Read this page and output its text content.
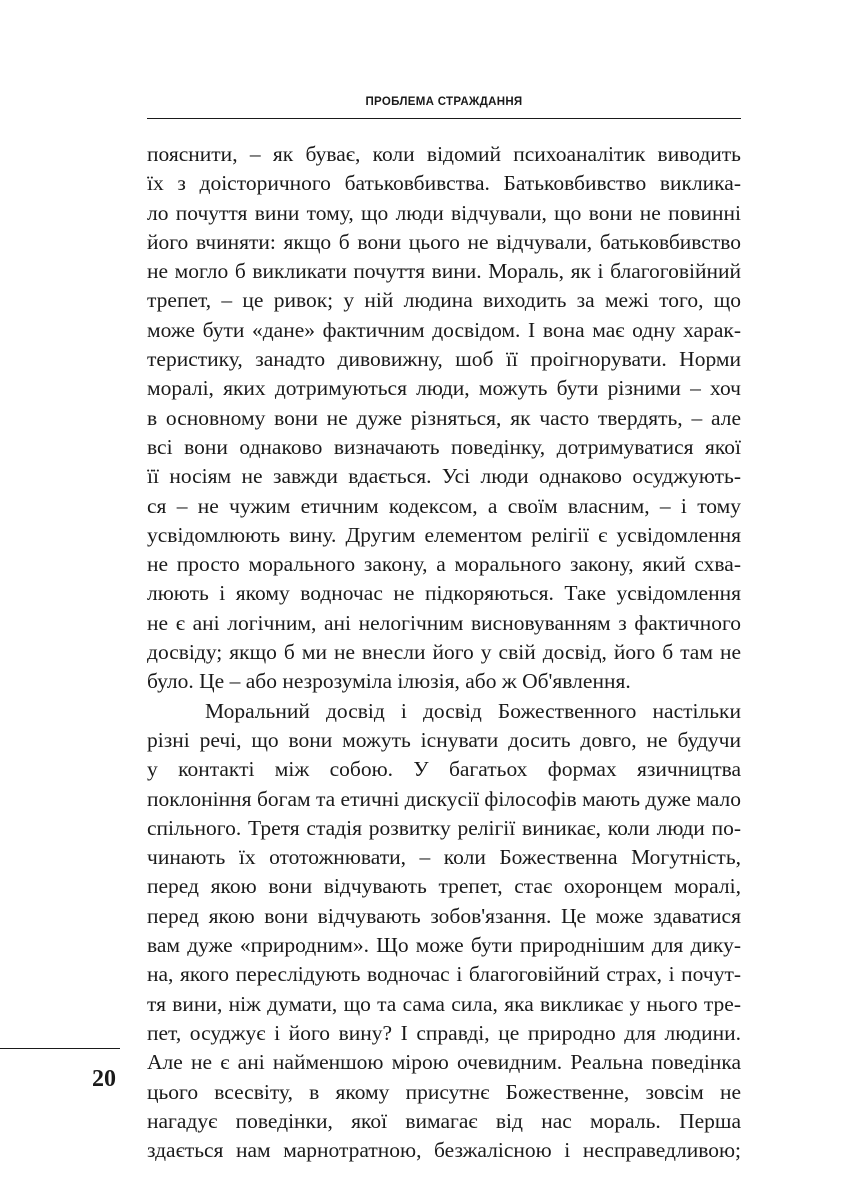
ПРОБЛЕМА СТРАЖДАННЯ
пояснити, – як буває, коли відомий психоаналітик виводить
їх з доісторичного батьковбивства. Батьковбивство виклика-
ло почуття вини тому, що люди відчували, що вони не повинні
його вчиняти: якщо б вони цього не відчували, батьковбивство
не могло б викликати почуття вини. Мораль, як і благоговійний
трепет, – це ривок; у ній людина виходить за межі того, що
може бути «дане» фактичним досвідом. І вона має одну харак-
теристику, занадто дивовижну, шоб її проігнорувати. Норми
моралі, яких дотримуються люди, можуть бути різними – хоч
в основному вони не дуже різняться, як часто твердять, – але
всі вони однаково визначають поведінку, дотримуватися якої
її носіям не завжди вдається. Усі люди однаково осуджують-
ся – не чужим етичним кодексом, а своїм власним, – і тому
усвідомлюють вину. Другим елементом релігії є усвідомлення
не просто морального закону, а морального закону, який схва-
люють і якому водночас не підкоряються. Таке усвідомлення
не є ані логічним, ані нелогічним висновуванням з фактичного
досвіду; якщо б ми не внесли його у свій досвід, його б там не
було. Це – або незрозуміла ілюзія, або ж Об'явлення.
Моральний досвід і досвід Божественного настільки
різні речі, що вони можуть існувати досить довго, не будучи
у контакті між собою. У багатьох формах язичництва
поклоніння богам та етичні дискусії філософів мають дуже мало
спільного. Третя стадія розвитку релігії виникає, коли люди по-
чинають їх ототожнювати, – коли Божественна Могутність,
перед якою вони відчувають трепет, стає охоронцем моралі,
перед якою вони відчувають зобов'язання. Це може здаватися
вам дуже «природним». Що може бути природнішим для дику-
на, якого переслідують водночас і благоговійний страх, і почут-
тя вини, ніж думати, що та сама сила, яка викликає у нього тре-
пет, осуджує і його вину? І справді, це природно для людини.
Але не є ані найменшою мірою очевидним. Реальна поведінка
цього всесвіту, в якому присутнє Божественне, зовсім не
нагадує поведінки, якої вимагає від нас мораль. Перша
здається нам марнотратною, безжалісною і несправедливою;
20
